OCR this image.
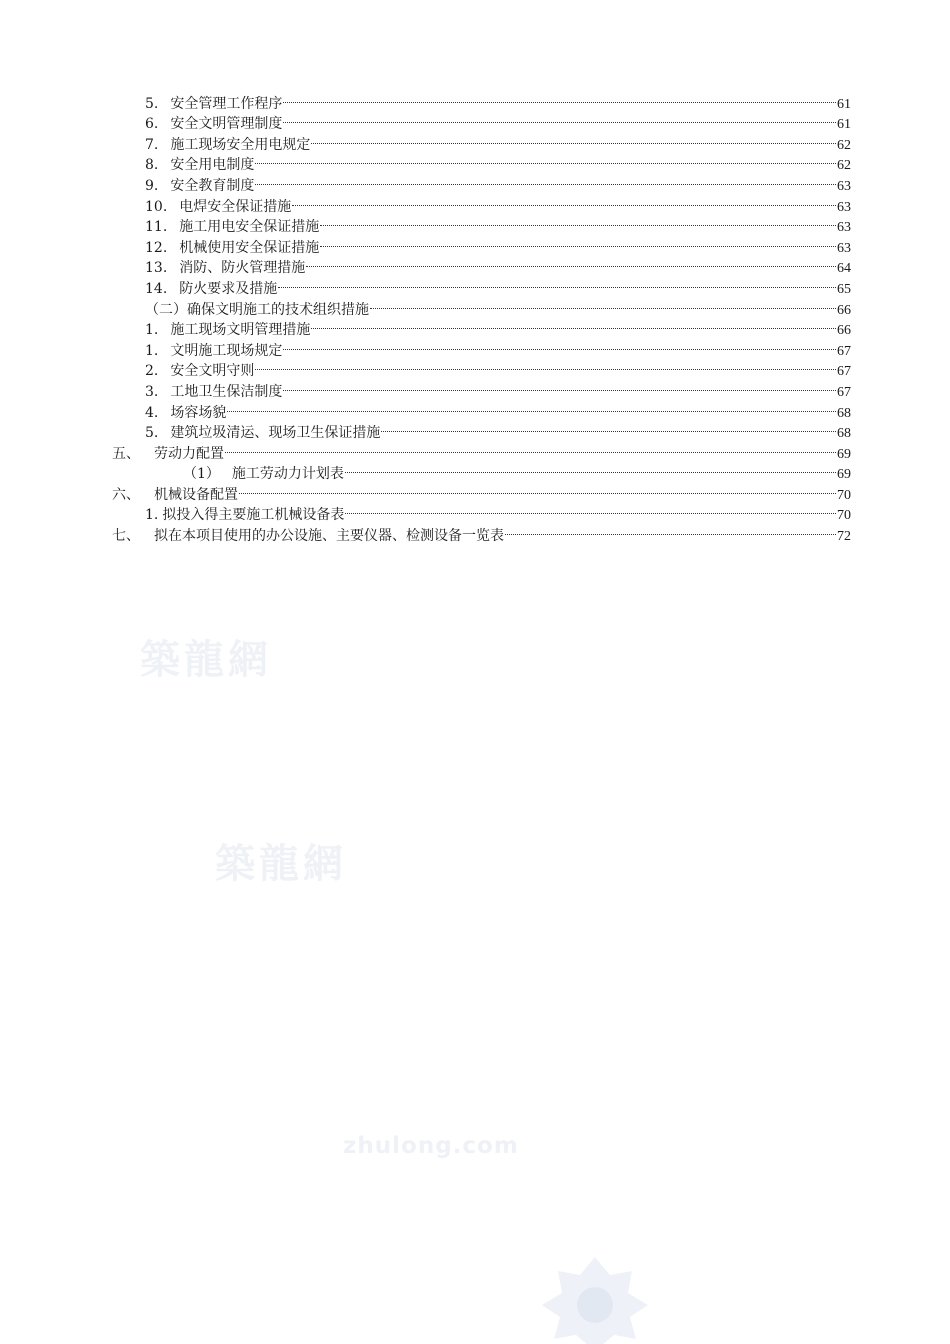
5. 安全管理工作程序	61
6. 安全文明管理制度	61
7. 施工现场安全用电规定	62
8. 安全用电制度	62
9. 安全教育制度	63
10. 电焊安全保证措施	63
11. 施工用电安全保证措施	63
12. 机械使用安全保证措施	63
13. 消防、防火管理措施	64
14. 防火要求及措施	65
（二） 确保文明施工的技术组织措施	66
1. 施工现场文明管理措施	66
1. 文明施工现场规定	67
2. 安全文明守则	67
3. 工地卫生保洁制度	67
4. 场容场貌	68
5. 建筑垃圾清运、现场卫生保证措施	68
五、 劳动力配置	69
（1） 施工劳动力计划表	69
六、 机械设备配置	70
1. 拟投入得主要施工机械设备表	70
七、 拟在本项目使用的办公设施、主要仪器、检测设备一览表	72
築龍網
築龍網
zhulong.com
